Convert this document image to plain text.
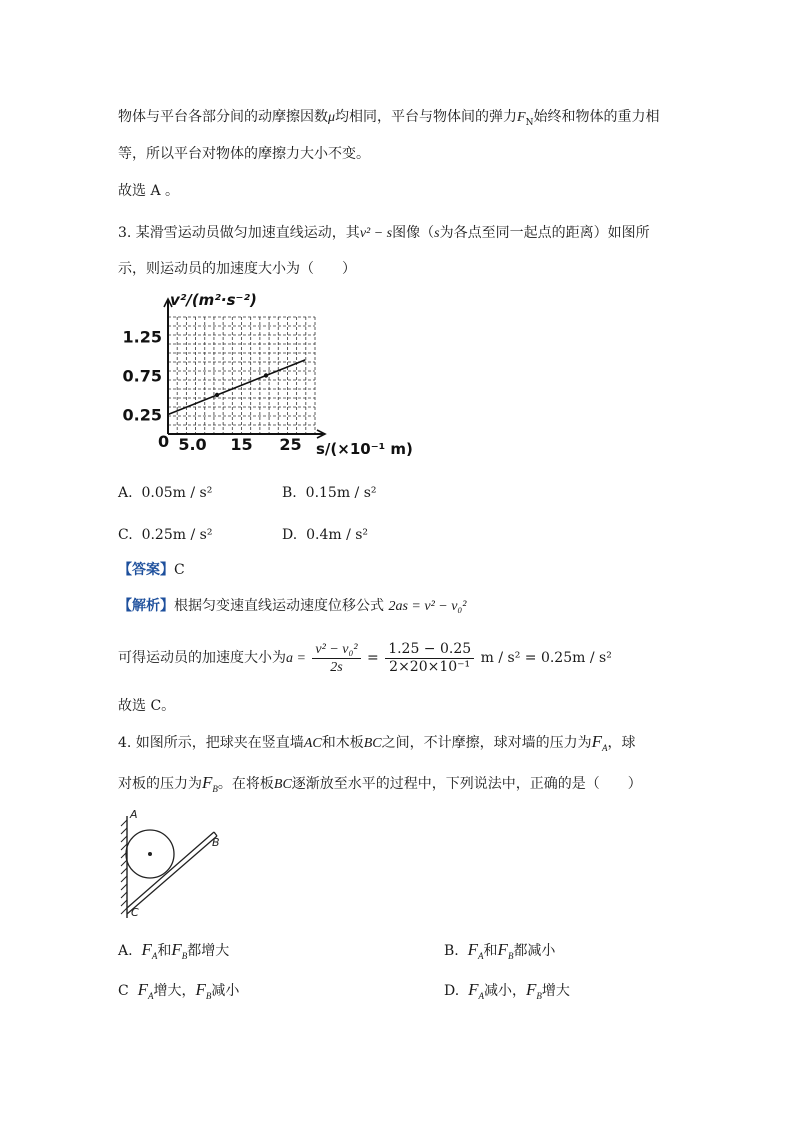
物体与平台各部分间的动摩擦因数μ均相同，平台与物体间的弹力$F_N$始终和物体的重力相
等，所以平台对物体的摩擦力大小不变。
故选 A 。
3. 某滑雪运动员做匀加速直线运动，其v² − s图像（s为各点至同一起点的距离）如图所
示，则运动员的加速度大小为（　　）
5.0 15 25
0.25
0.75
1.25
v²/(m²·s⁻²)
s/(×10⁻¹ m)
0
A. 0.05m / s²	B. 0.15m / s²
C. 0.25m / s²	D. 0.4m / s²
【答案】C
【解析】根据匀变速直线运动速度位移公式 2as = v² − v₀²
可得运动员的加速度大小为$a = \frac{\text{v² − v₀²}}{2s} = \frac{1.25 - 0.25}{\text{2×20×10⁻¹}}$ m / s² = 0.25m / s²
故选 C。
4. 如图所示，把球夹在竖直墙AC和木板BC之间，不计摩擦，球对墙的压力为$F_A$，球
对板的压力为$F_B$。在将板BC逐渐放至水平的过程中，下列说法中，正确的是（　　）
A
B
C
A. $F_A$和$F_B$都增大	B. $F_A$和$F_B$都减小
C $F_A$增大，$F_B$减小	D. $F_A$减小，$F_B$增大
